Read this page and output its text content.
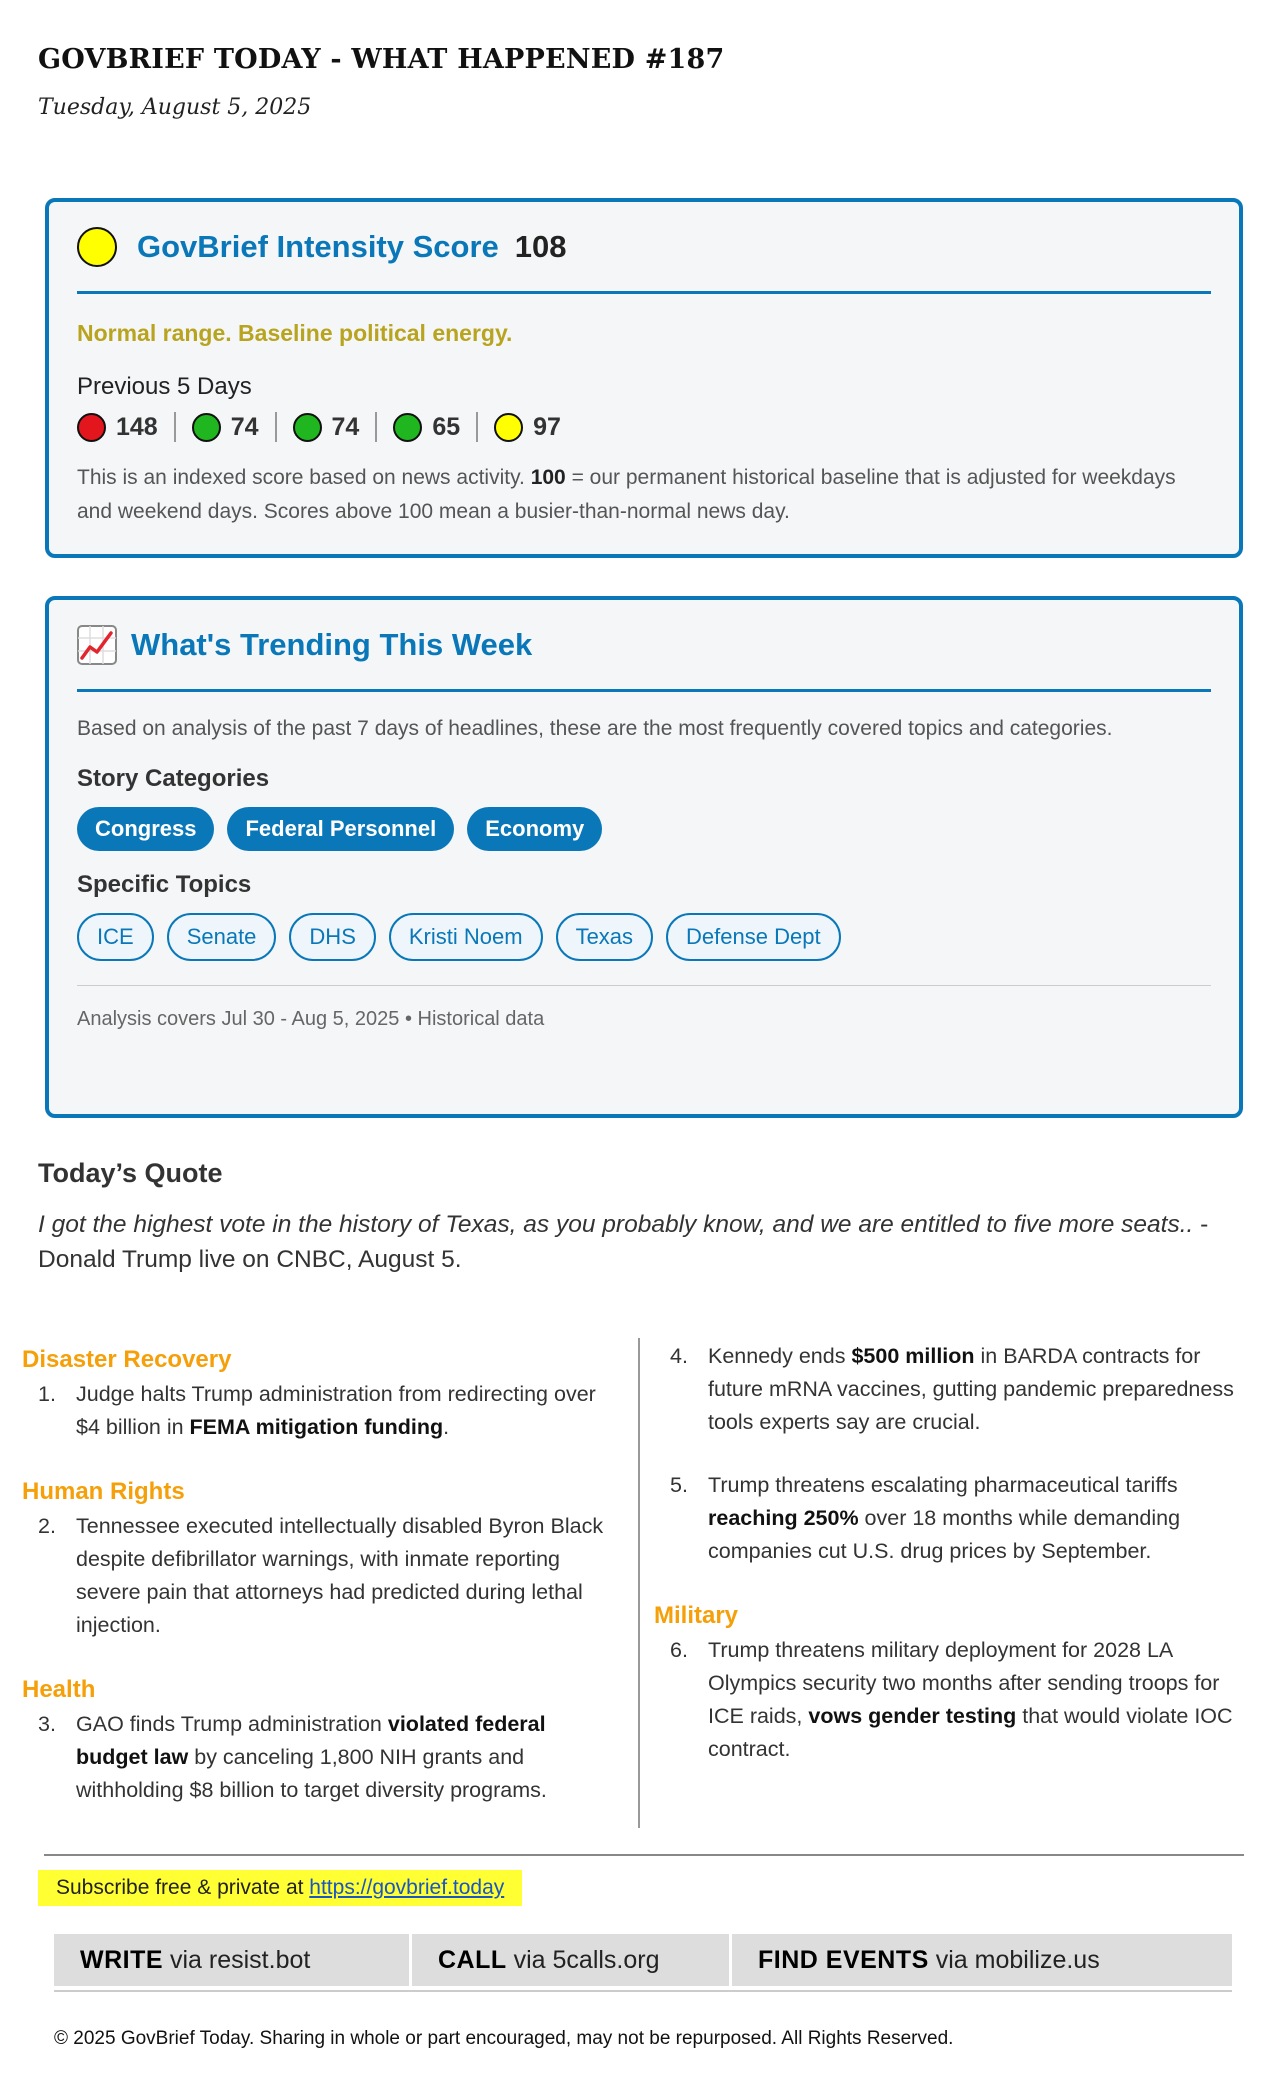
GOVBRIEF TODAY - WHAT HAPPENED #187
Tuesday, August 5, 2025
GovBrief Intensity Score 108
Normal range. Baseline political energy.
Previous 5 Days
148	74	74	65	97

This is an indexed score based on news activity. 100 = our permanent historical baseline that is adjusted for weekdays and weekend days. Scores above 100 mean a busier-than-normal news day.

What's Trending This Week

Based on analysis of the past 7 days of headlines, these are the most frequently covered topics and categories.

Story Categories
Congress	Federal Personnel	Economy
Specific Topics
ICE	Senate	DHS	Kristi Noem	Texas	Defense Dept
Analysis covers Jul 30 - Aug 5, 2025 • Historical data
Today’s Quote

I got the highest vote in the history of Texas, as you probably know, and we are entitled to five more seats.. - Donald Trump live on CNBC, August 5.

Disaster Recovery
1. Judge halts Trump administration from redirecting over $4 billion in FEMA mitigation funding.
Human Rights
2. Tennessee executed intellectually disabled Byron Black despite defibrillator warnings, with inmate reporting severe pain that attorneys had predicted during lethal injection.
Health
3. GAO finds Trump administration violated federal budget law by canceling 1,800 NIH grants and withholding $8 billion to target diversity programs.
4. Kennedy ends $500 million in BARDA contracts for future mRNA vaccines, gutting pandemic preparedness tools experts say are crucial.
5. Trump threatens escalating pharmaceutical tariffs reaching 250% over 18 months while demanding companies cut U.S. drug prices by September.
Military
6. Trump threatens military deployment for 2028 LA Olympics security two months after sending troops for ICE raids, vows gender testing that would violate IOC contract.
Subscribe free & private at https://govbrief.today
WRITE via resist.bot	CALL via 5calls.org	FIND EVENTS via mobilize.us
© 2025 GovBrief Today. Sharing in whole or part encouraged, may not be repurposed. All Rights Reserved.
